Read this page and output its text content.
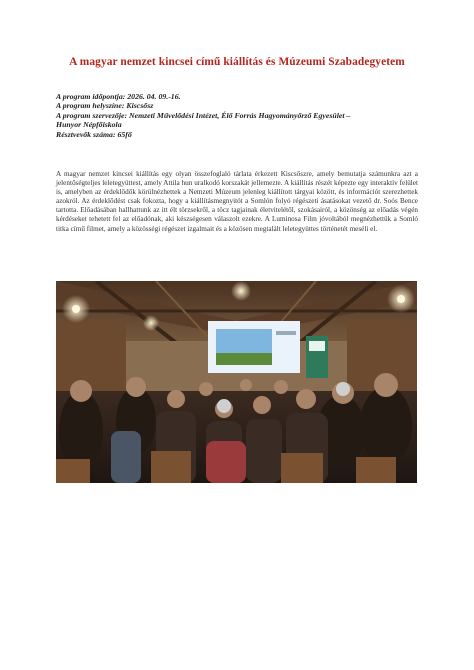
A magyar nemzet kincsei című kiállítás és Múzeumi Szabadegyetem
A program időpontja: 2026. 04. 09.-16.
A program helyszíne: Kiscsősz
A program szervezője: Nemzeti Művelődési Intézet, Élő Forrás Hagyományőrző Egyesület –
Hunyor Népfőiskola
Résztvevők száma: 65fő
A magyar nemzet kincsei kiállítás egy olyan összefoglaló tárlata érkezett Kiscsőszre, amely bemutatja számunkra azt a jelentőségteljes leletegyüttest, amely Attila hun uralkodó korszakát jellemezte. A kiállítás részét képezte egy interaktív felület is, amelyben az érdeklődők körülnézhettek a Nemzeti Múzeum jelenleg kiállított tárgyai között, és információt szerezhettek azokról. Az érdeklődést csak fokozta, hogy a kiállításmegnyitót a Somlón folyó régészeti ásatásokat vezető dr. Soós Bence tartotta. Előadásában hallhattunk az itt élt törzsekről, a töcz tagjainak életvitelétől, szokásairól, a közönség az előadás végén kérdéseket tehetett fel az előadónak, aki készségesen válaszolt ezekre. A Luminosa Film jóvoltából megnézhettük a Somló titka című filmet, amely a közösségi régészet izgalmait és a közösen megtalált leletegyüttes történetét meséli el.
